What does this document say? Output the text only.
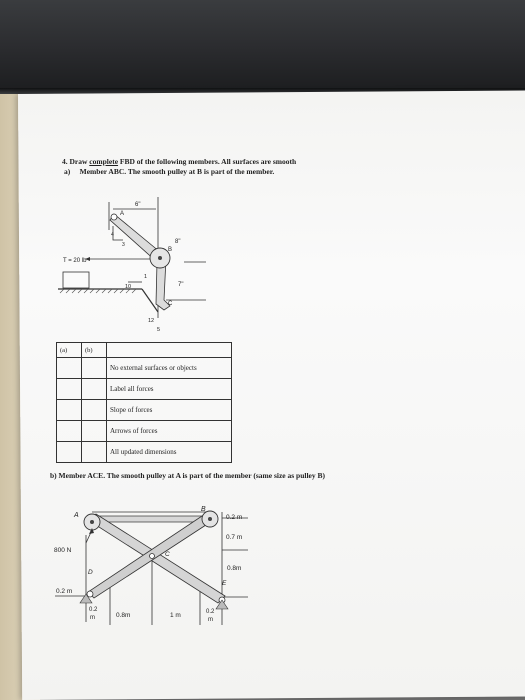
4. Draw complete FBD of the following members. All surfaces are smooth
a) Member ABC. The smooth pulley at B is part of the member.
6"
A
4
3	8"
B
T = 20 lb
10
1
7"
C
12
5
(a)	(b)	
		No external surfaces or objects
		Label all forces
		Slope of forces
		Arrows of forces
		All updated dimensions
b) Member ACE. The smooth pulley at A is part of the member (same size as pulley B)
A
B
C
D
E
800 N
0.2 m
0.7 m
0.8m
0.2 m
0.2
m	0.8m	1 m	0.2
m
